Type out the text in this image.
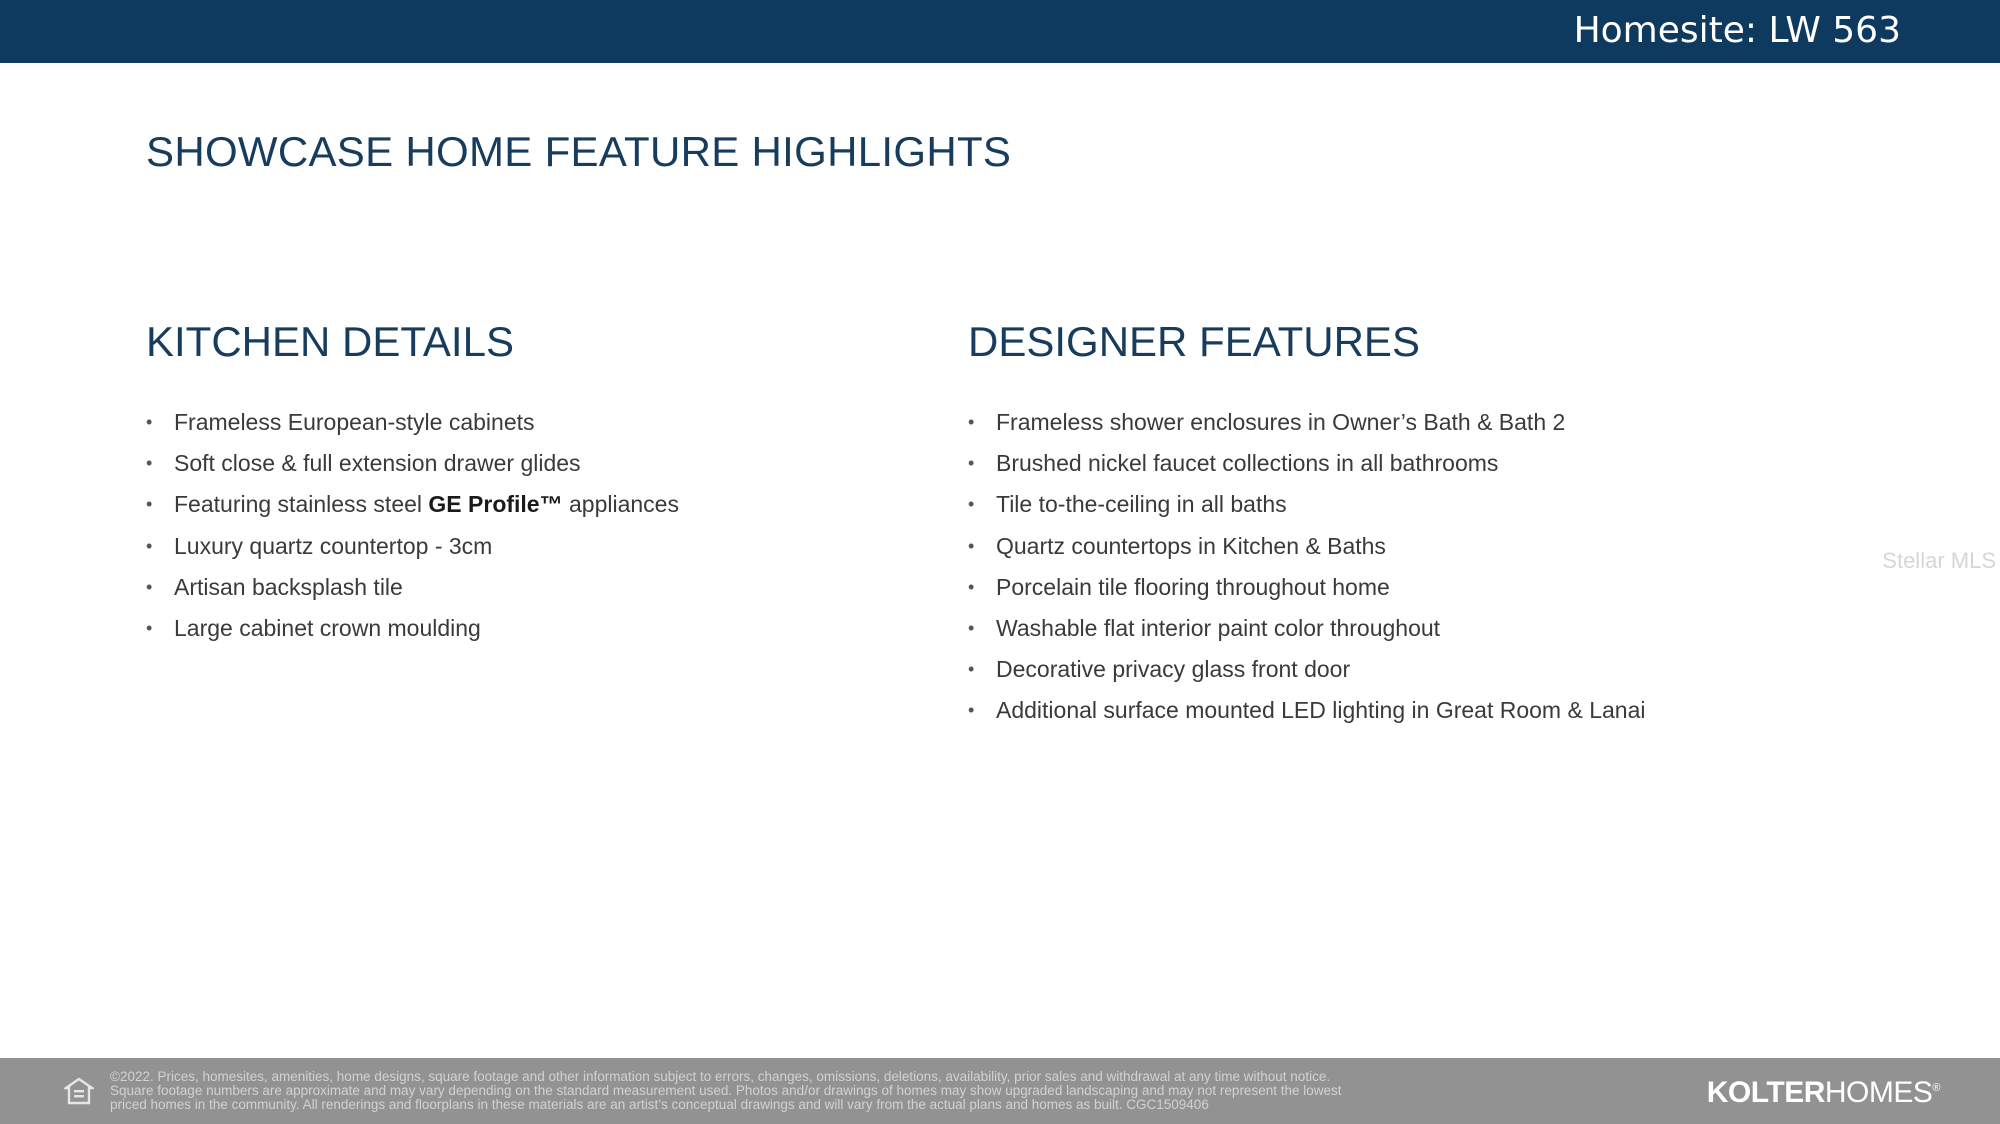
Homesite: LW 563
SHOWCASE HOME FEATURE HIGHLIGHTS
KITCHEN DETAILS
• Frameless European-style cabinets
• Soft close & full extension drawer glides
• Featuring stainless steel GE Profile™ appliances
• Luxury quartz countertop - 3cm
• Artisan backsplash tile
• Large cabinet crown moulding
DESIGNER FEATURES
• Frameless shower enclosures in Owner’s Bath & Bath 2
• Brushed nickel faucet collections in all bathrooms
• Tile to-the-ceiling in all baths
• Quartz countertops in Kitchen & Baths
• Porcelain tile flooring throughout home
• Washable flat interior paint color throughout
• Decorative privacy glass front door
• Additional surface mounted LED lighting in Great Room & Lanai
Stellar MLS
©2022. Prices, homesites, amenities, home designs, square footage and other information subject to errors, changes, omissions, deletions, availability, prior sales and withdrawal at any time without notice.
Square footage numbers are approximate and may vary depending on the standard measurement used. Photos and/or drawings of homes may show upgraded landscaping and may not represent the lowest
priced homes in the community. All renderings and floorplans in these materials are an artist’s conceptual drawings and will vary from the actual plans and homes as built. CGC1509406	KOLTERHOMES®
